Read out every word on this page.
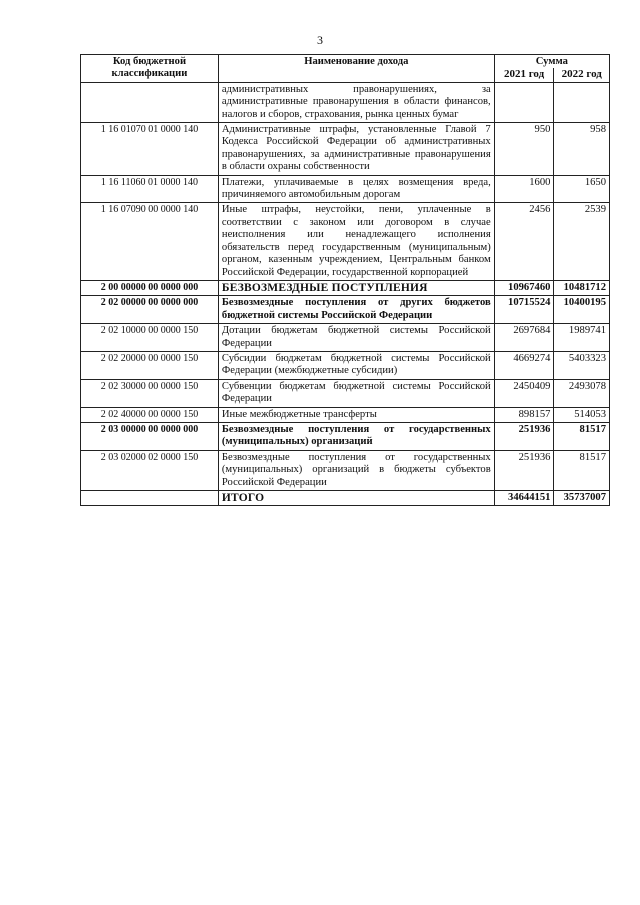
3
Код бюджетной классификации	Наименование дохода	Сумма	
		2021 год	2022 год
	административных правонарушениях, за административные правонарушения в области финансов, налогов и сборов, страхования, рынка ценных бумаг		
1 16 01070 01 0000 140	Административные штрафы, установленные Главой 7 Кодекса Российской Федерации об административных правонарушениях, за административные правонарушения в области охраны собственности	950	958
1 16 11060 01 0000 140	Платежи, уплачиваемые в целях возмещения вреда, причиняемого автомобильным дорогам	1600	1650
1 16 07090 00 0000 140	Иные штрафы, неустойки, пени, уплаченные в соответствии с законом или договором в случае неисполнения или ненадлежащего исполнения обязательств перед государственным (муниципальным) органом, казенным учреждением, Центральным банком Российской Федерации, государственной корпорацией	2456	2539
2 00 00000 00 0000 000	БЕЗВОЗМЕЗДНЫЕ ПОСТУПЛЕНИЯ	10967460	10481712
2 02 00000 00 0000 000	Безвозмездные поступления от других бюджетов бюджетной системы Российской Федерации	10715524	10400195
2 02 10000 00 0000 150	Дотации бюджетам бюджетной системы Российской Федерации	2697684	1989741
2 02 20000 00 0000 150	Субсидии бюджетам бюджетной системы Российской Федерации (межбюджетные субсидии)	4669274	5403323
2 02 30000 00 0000 150	Субвенции бюджетам бюджетной системы Российской Федерации	2450409	2493078
2 02 40000 00 0000 150	Иные межбюджетные трансферты	898157	514053
2 03 00000 00 0000 000	Безвозмездные поступления от государственных (муниципальных) организаций	251936	81517
2 03 02000 02 0000 150	Безвозмездные поступления от государственных (муниципальных) организаций в бюджеты субъектов Российской Федерации	251936	81517
	ИТОГО	34644151	35737007
